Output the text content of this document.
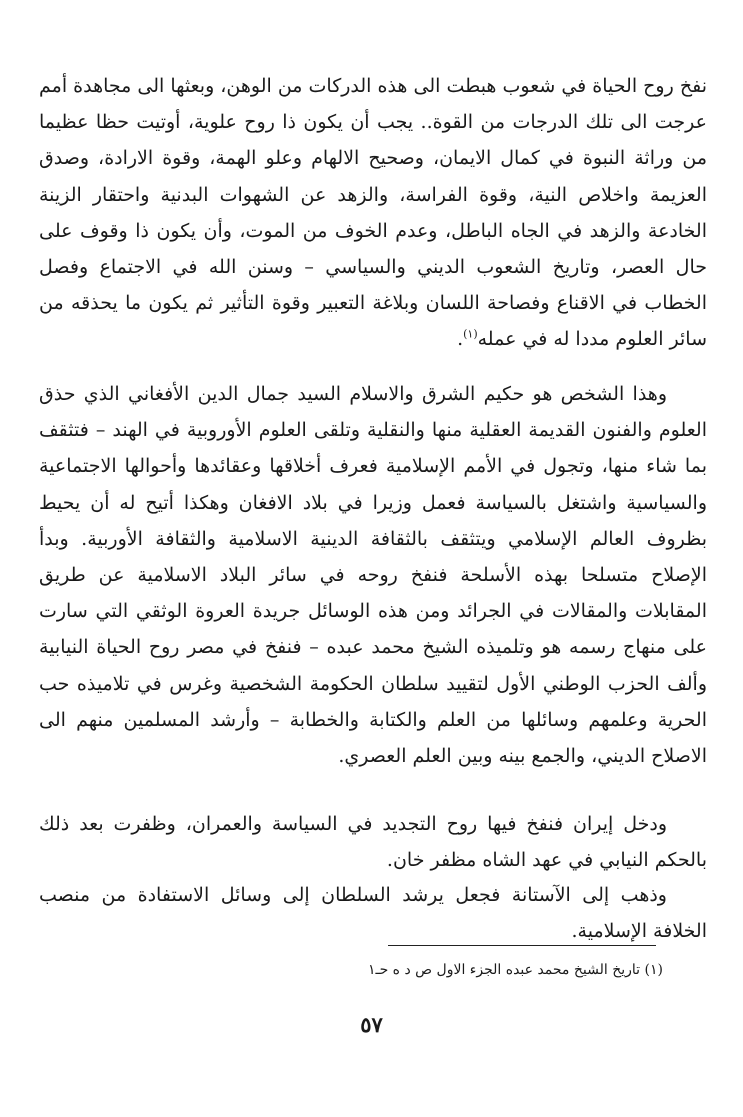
نفخ روح الحياة في شعوب هبطت الى هذه الدركات من الوهن، وبعثها الى مجاهدة أمم عرجت الى تلك الدرجات من القوة.. يجب أن يكون ذا روح علوية، أوتيت حظا عظيما من وراثة النبوة في كمال الايمان، وصحيح الالهام وعلو الهمة، وقوة الارادة، وصدق العزيمة واخلاص النية، وقوة الفراسة، والزهد عن الشهوات البدنية واحتقار الزينة الخادعة والزهد في الجاه الباطل، وعدم الخوف من الموت، وأن يكون ذا وقوف على حال العصر، وتاريخ الشعوب الديني والسياسي – وسنن الله في الاجتماع وفصل الخطاب في الاقناع وفصاحة اللسان وبلاغة التعبير وقوة التأثير ثم يكون ما يحذقه من سائر العلوم مددا له في عمله$^{(١)}$.

وهذا الشخص هو حكيم الشرق والاسلام السيد جمال الدين الأفغاني الذي حذق العلوم والفنون القديمة العقلية منها والنقلية وتلقى العلوم الأوروبية في الهند – فتثقف بما شاء منها، وتجول في الأمم الإسلامية فعرف أخلاقها وعقائدها وأحوالها الاجتماعية والسياسية واشتغل بالسياسة فعمل وزيرا في بلاد الافغان وهكذا أتيح له أن يحيط بظروف العالم الإسلامي ويتثقف بالثقافة الدينية الاسلامية والثقافة الأوربية. وبدأ الإصلاح متسلحا بهذه الأسلحة فنفخ روحه في سائر البلاد الاسلامية عن طريق المقابلات والمقالات في الجرائد ومن هذه الوسائل جريدة العروة الوثقي التي سارت على منهاج رسمه هو وتلميذه الشيخ محمد عبده – فنفخ في مصر روح الحياة النيابية وألف الحزب الوطني الأول لتقييد سلطان الحكومة الشخصية وغرس في تلاميذه حب الحرية وعلمهم وسائلها من العلم والكتابة والخطابة – وأرشد المسلمين منهم الى الاصلاح الديني، والجمع بينه وبين العلم العصري.

ودخل إيران فنفخ فيها روح التجديد في السياسة والعمران، وظفرت بعد ذلك بالحكم النيابي في عهد الشاه مظفر خان.

وذهب إلى الآستانة فجعل يرشد السلطان إلى وسائل الاستفادة من منصب الخلافة الإسلامية.

(١) تاريخ الشيخ محمد عبده الجزء الاول ص د ه حـ١
٥٧
